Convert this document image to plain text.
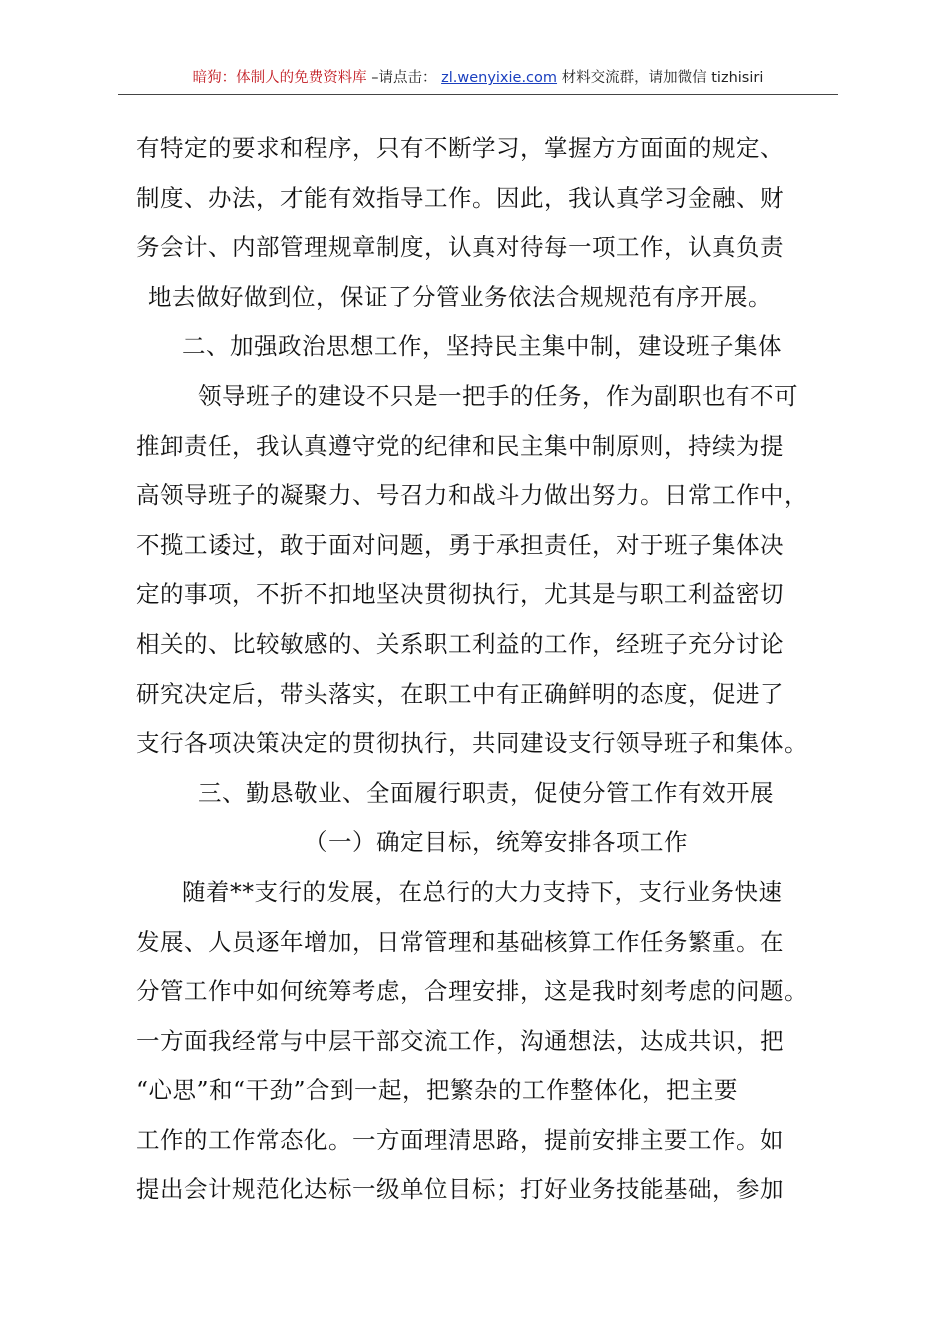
暗狗：体制人的免费资料库 –请点击： zl.wenyixie.com 材料交流群，请加微信 tizhisiri
有特定的要求和程序，只有不断学习，掌握方方面面的规定、
制度、办法，才能有效指导工作。因此，我认真学习金融、财
务会计、内部管理规章制度，认真对待每一项工作，认真负责
地去做好做到位，保证了分管业务依法合规规范有序开展。
二、加强政治思想工作，坚持民主集中制，建设班子集体
领导班子的建设不只是一把手的任务，作为副职也有不可
推卸责任，我认真遵守党的纪律和民主集中制原则，持续为提
高领导班子的凝聚力、号召力和战斗力做出努力。日常工作中，
不揽工诿过，敢于面对问题，勇于承担责任，对于班子集体决
定的事项，不折不扣地坚决贯彻执行，尤其是与职工利益密切
相关的、比较敏感的、关系职工利益的工作，经班子充分讨论
研究决定后，带头落实，在职工中有正确鲜明的态度，促进了
支行各项决策决定的贯彻执行，共同建设支行领导班子和集体。
三、勤恳敬业、全面履行职责，促使分管工作有效开展
（一）确定目标，统筹安排各项工作
随着**支行的发展，在总行的大力支持下，支行业务快速
发展、人员逐年增加，日常管理和基础核算工作任务繁重。在
分管工作中如何统筹考虑，合理安排，这是我时刻考虑的问题。
一方面我经常与中层干部交流工作，沟通想法，达成共识，把
“心思”和“干劲”合到一起，把繁杂的工作整体化，把主要
工作的工作常态化。一方面理清思路，提前安排主要工作。如
提出会计规范化达标一级单位目标；打好业务技能基础，参加
